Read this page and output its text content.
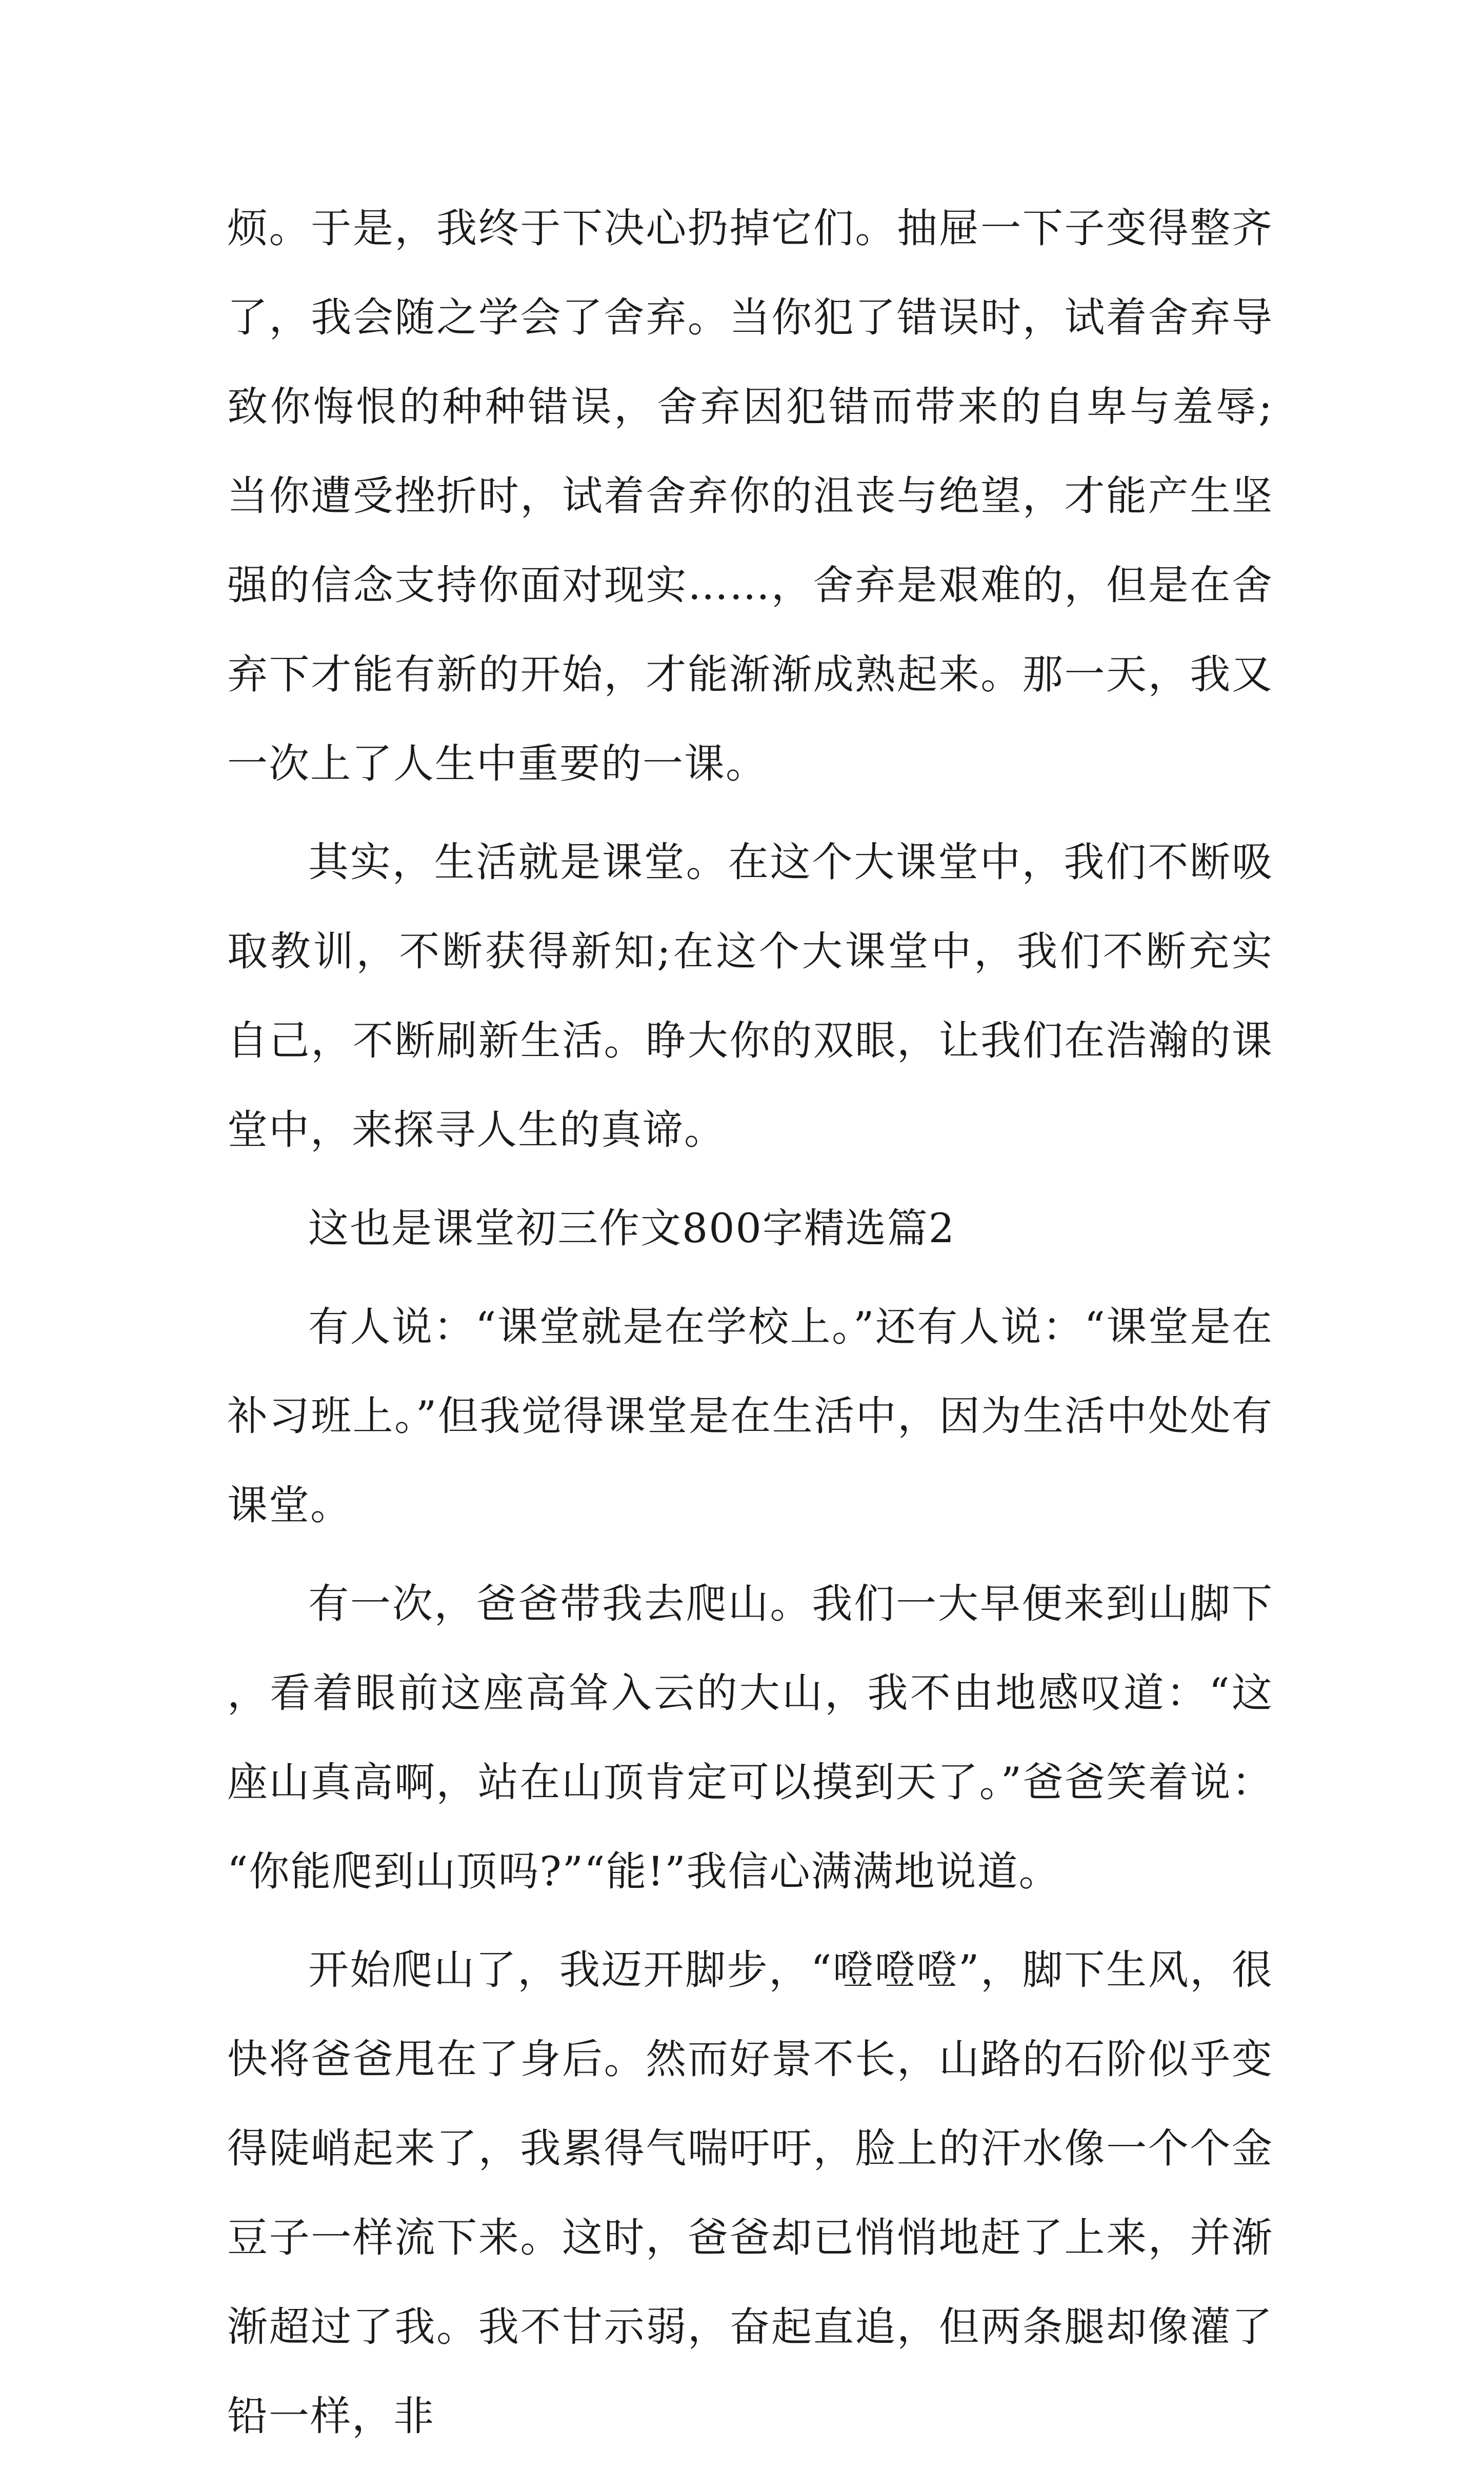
烦。于是，我终于下决心扔掉它们。抽屉一下子变得整齐了，我会随之学会了舍弃。当你犯了错误时，试着舍弃导致你悔恨的种种错误，舍弃因犯错而带来的自卑与羞辱;当你遭受挫折时，试着舍弃你的沮丧与绝望，才能产生坚强的信念支持你面对现实……，舍弃是艰难的，但是在舍弃下才能有新的开始，才能渐渐成熟起来。那一天，我又一次上了人生中重要的一课。

其实，生活就是课堂。在这个大课堂中，我们不断吸取教训，不断获得新知;在这个大课堂中，我们不断充实自己，不断刷新生活。睁大你的双眼，让我们在浩瀚的课堂中，来探寻人生的真谛。

这也是课堂初三作文800字精选篇2

有人说：“课堂就是在学校上。”还有人说：“课堂是在补习班上。”但我觉得课堂是在生活中，因为生活中处处有课堂。

有一次，爸爸带我去爬山。我们一大早便来到山脚下，看着眼前这座高耸入云的大山，我不由地感叹道：“这座山真高啊，站在山顶肯定可以摸到天了。”爸爸笑着说：“你能爬到山顶吗?”“能!”我信心满满地说道。

开始爬山了，我迈开脚步，“噔噔噔”，脚下生风，很快将爸爸甩在了身后。然而好景不长，山路的石阶似乎变得陡峭起来了，我累得气喘吁吁，脸上的汗水像一个个金豆子一样流下来。这时，爸爸却已悄悄地赶了上来，并渐渐超过了我。我不甘示弱，奋起直追，但两条腿却像灌了铅一样，非
